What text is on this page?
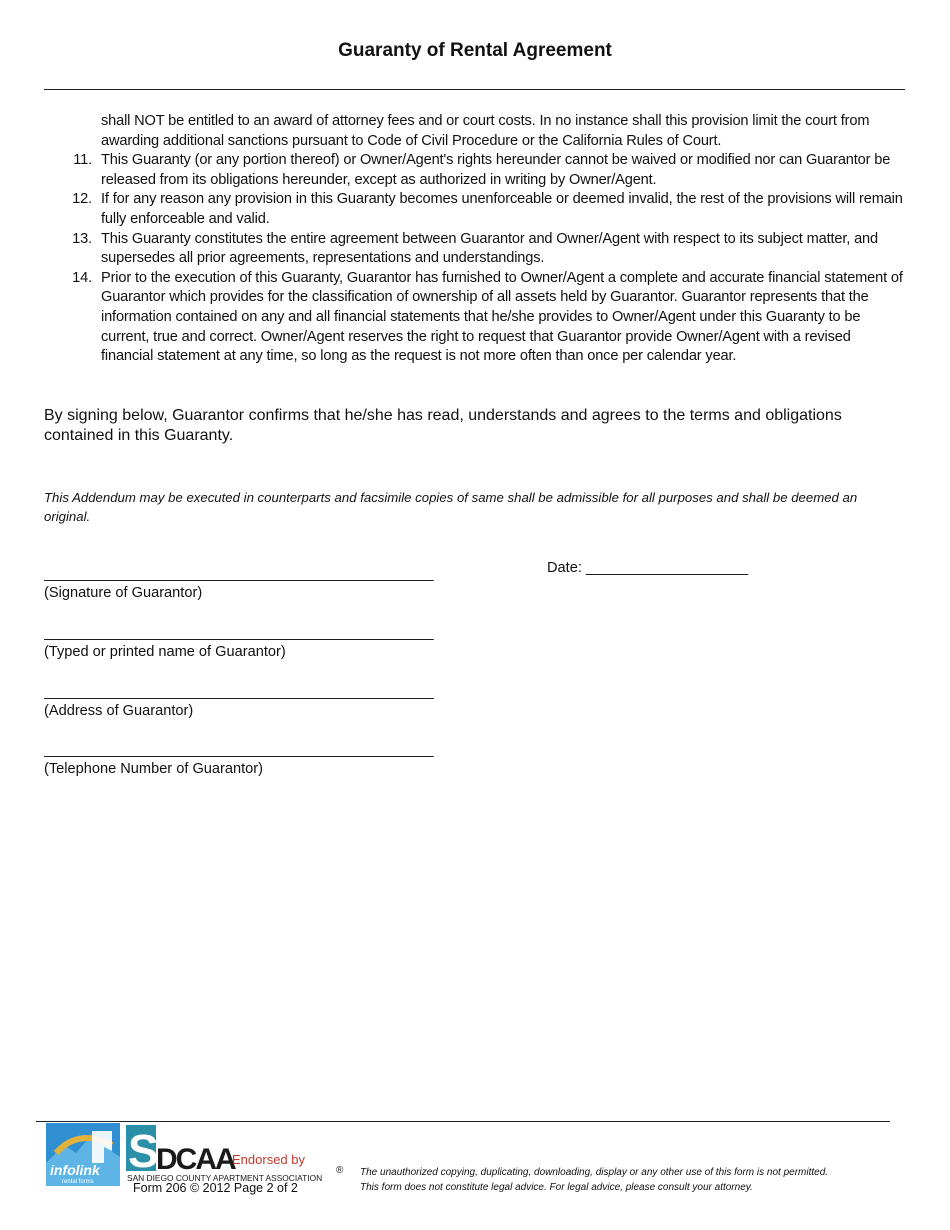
Guaranty of Rental Agreement
shall NOT be entitled to an award of attorney fees and or court costs. In no instance shall this provision limit the court from awarding additional sanctions pursuant to Code of Civil Procedure or the California Rules of Court.
11. This Guaranty (or any portion thereof) or Owner/Agent's rights hereunder cannot be waived or modified nor can Guarantor be released from its obligations hereunder, except as authorized in writing by Owner/Agent.
12. If for any reason any provision in this Guaranty becomes unenforceable or deemed invalid, the rest of the provisions will remain fully enforceable and valid.
13. This Guaranty constitutes the entire agreement between Guarantor and Owner/Agent with respect to its subject matter, and supersedes all prior agreements, representations and understandings.
14. Prior to the execution of this Guaranty, Guarantor has furnished to Owner/Agent a complete and accurate financial statement of Guarantor which provides for the classification of ownership of all assets held by Guarantor. Guarantor represents that the information contained on any and all financial statements that he/she provides to Owner/Agent under this Guaranty to be current, true and correct. Owner/Agent reserves the right to request that Guarantor provide Owner/Agent with a revised financial statement at any time, so long as the request is not more often than once per calendar year.
By signing below, Guarantor confirms that he/she has read, understands and agrees to the terms and obligations contained in this Guaranty.
This Addendum may be executed in counterparts and facsimile copies of same shall be admissible for all purposes and shall be deemed an original.
________________________________________________
(Signature of Guarantor)
________________________________________________
(Typed or printed name of Guarantor)
________________________________________________
(Address of Guarantor)
________________________________________________
(Telephone Number of Guarantor)
Date: ____________________
infolink
rental forms
S
DCAA
Endorsed by
SAN DIEGO COUNTY APARTMENT ASSOCIATION
®
Form 206 © 2012 Page 2 of 2
The unauthorized copying, duplicating, downloading, display or any other use of this form is not permitted.
This form does not constitute legal advice. For legal advice, please consult your attorney.
